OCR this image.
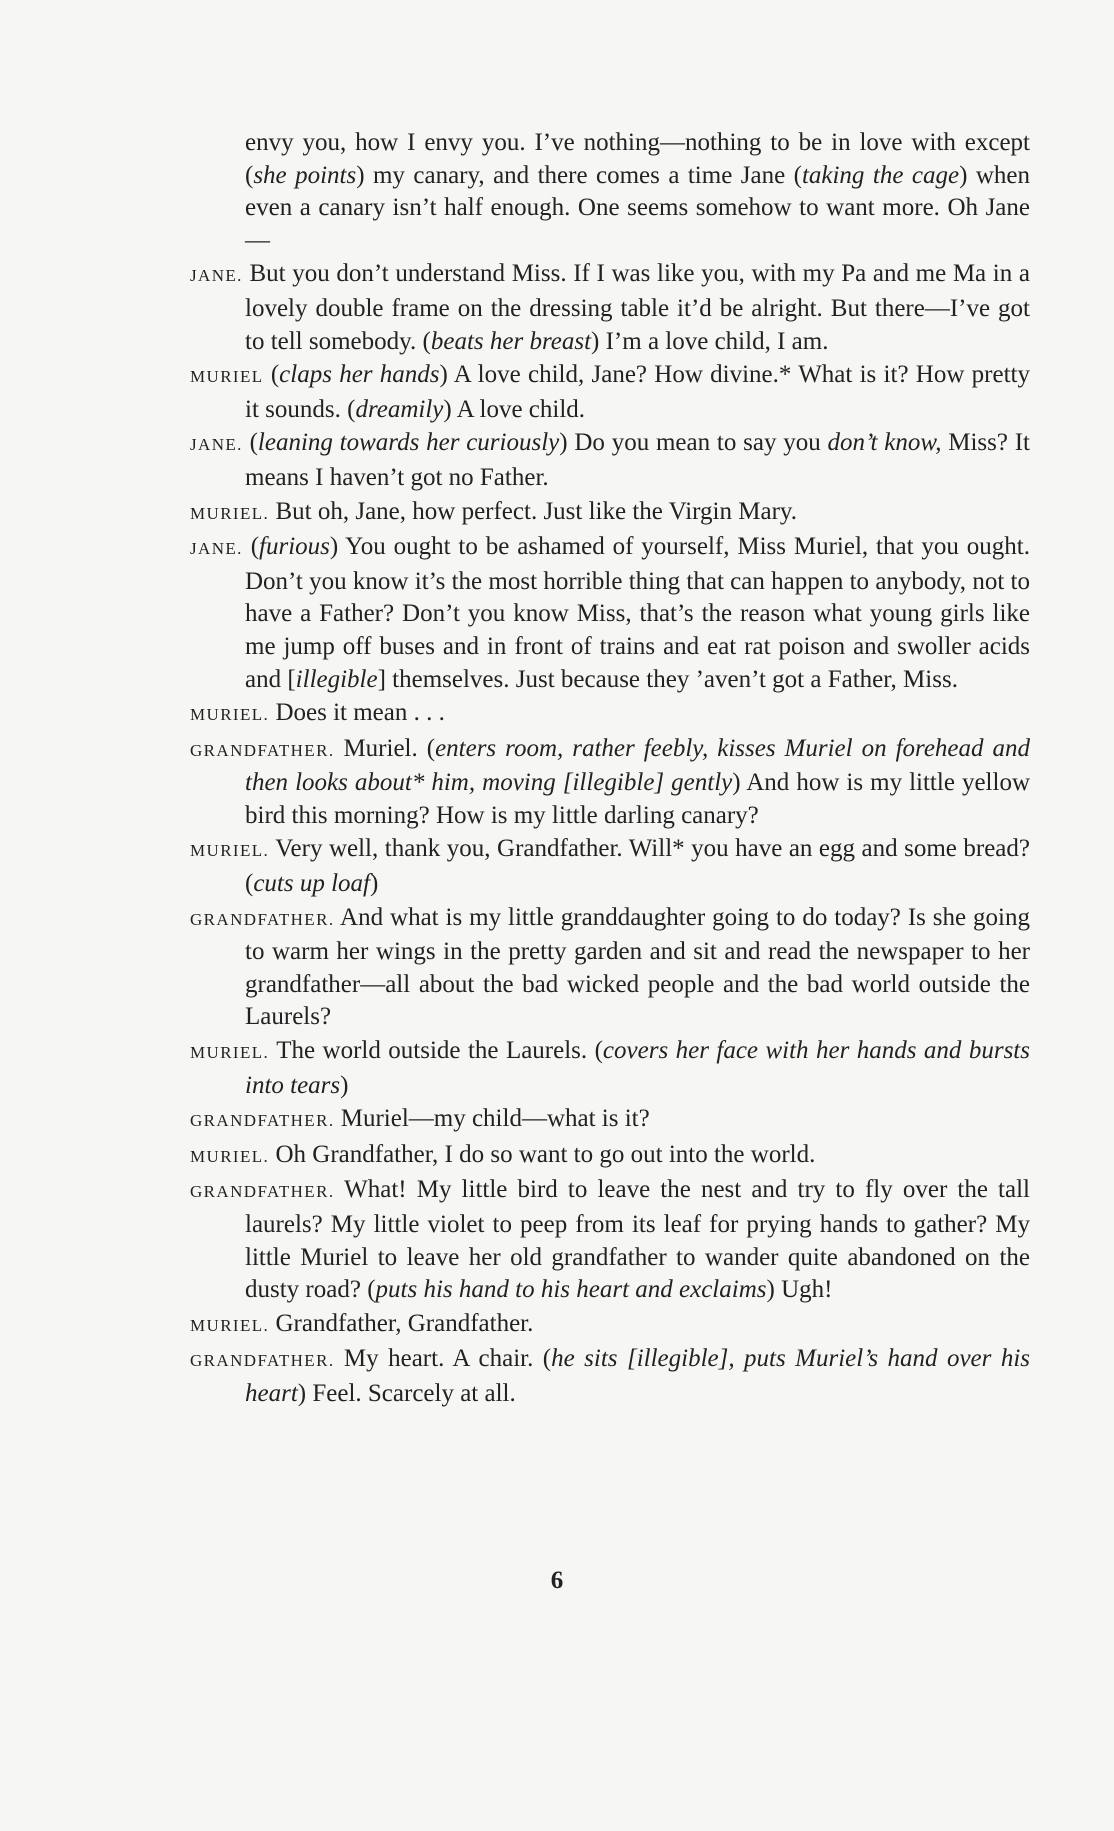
envy you, how I envy you. I’ve nothing—nothing to be in love with except (she points) my canary, and there comes a time Jane (taking the cage) when even a canary isn’t half enough. One seems somehow to want more. Oh Jane—

JANE. But you don’t understand Miss. If I was like you, with my Pa and me Ma in a lovely double frame on the dressing table it’d be alright. But there—I’ve got to tell somebody. (beats her breast) I’m a love child, I am.

MURIEL (claps her hands) A love child, Jane? How divine.* What is it? How pretty it sounds. (dreamily) A love child.

JANE. (leaning towards her curiously) Do you mean to say you don’t know, Miss? It means I haven’t got no Father.

MURIEL. But oh, Jane, how perfect. Just like the Virgin Mary.

JANE. (furious) You ought to be ashamed of yourself, Miss Muriel, that you ought. Don’t you know it’s the most horrible thing that can happen to anybody, not to have a Father? Don’t you know Miss, that’s the reason what young girls like me jump off buses and in front of trains and eat rat poison and swoller acids and [illegible] themselves. Just because they ’aven’t got a Father, Miss.

MURIEL. Does it mean . . .

GRANDFATHER. Muriel. (enters room, rather feebly, kisses Muriel on forehead and then looks about* him, moving [illegible] gently) And how is my little yellow bird this morning? How is my little darling canary?

MURIEL. Very well, thank you, Grandfather. Will* you have an egg and some bread? (cuts up loaf)

GRANDFATHER. And what is my little granddaughter going to do today? Is she going to warm her wings in the pretty garden and sit and read the newspaper to her grandfather—all about the bad wicked people and the bad world outside the Laurels?

MURIEL. The world outside the Laurels. (covers her face with her hands and bursts into tears)

GRANDFATHER. Muriel—my child—what is it?

MURIEL. Oh Grandfather, I do so want to go out into the world.

GRANDFATHER. What! My little bird to leave the nest and try to fly over the tall laurels? My little violet to peep from its leaf for prying hands to gather? My little Muriel to leave her old grandfather to wander quite abandoned on the dusty road? (puts his hand to his heart and exclaims) Ugh!

MURIEL. Grandfather, Grandfather.

GRANDFATHER. My heart. A chair. (he sits [illegible], puts Muriel’s hand over his heart) Feel. Scarcely at all.

6
